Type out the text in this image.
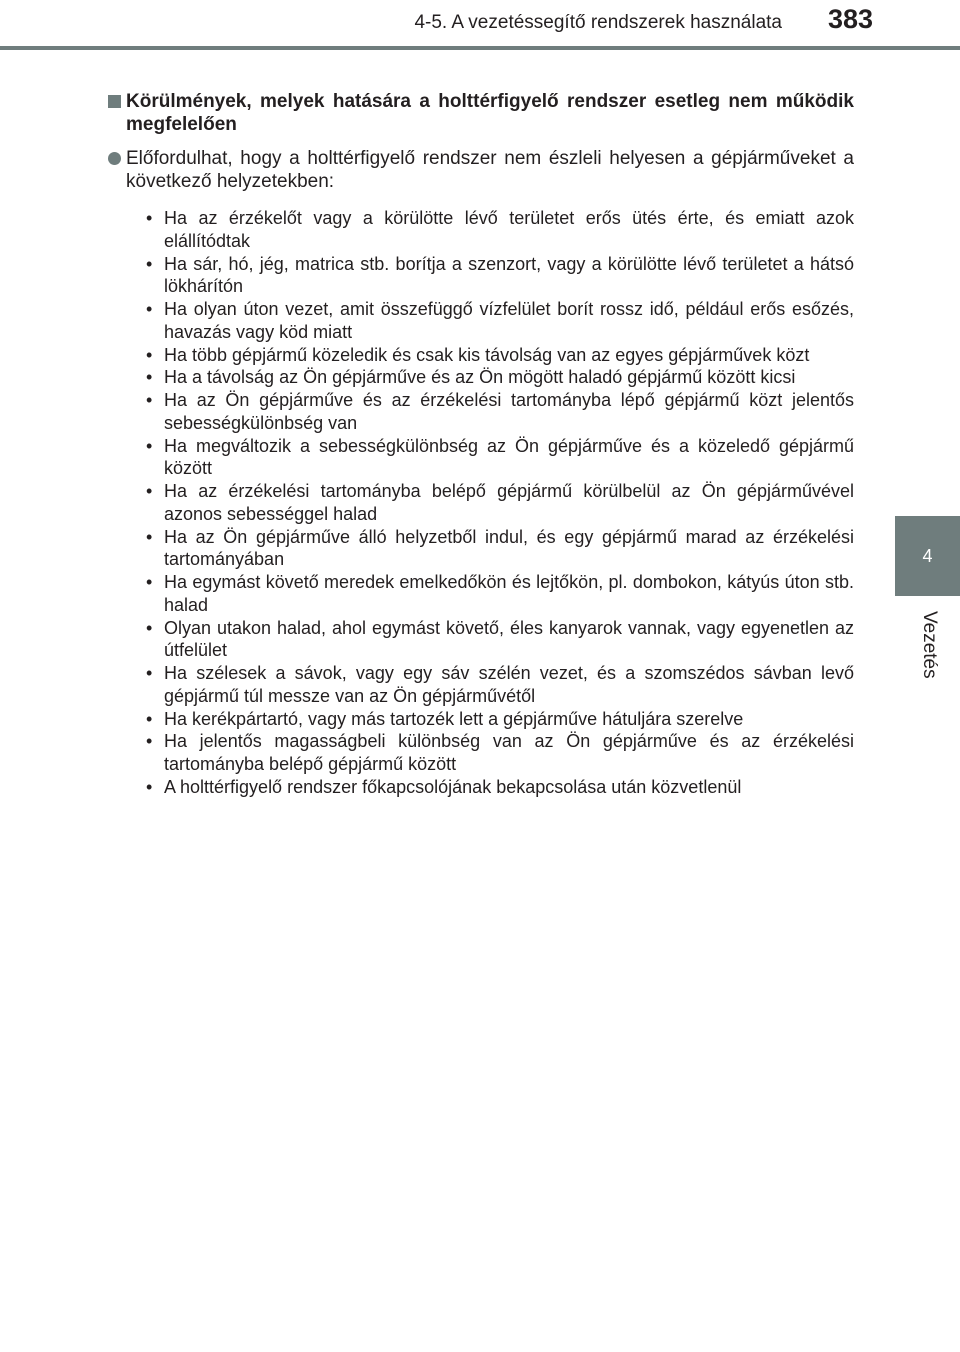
4-5. A vezetéssegítő rendszerek használata 383
4
Vezetés

Körülmények, melyek hatására a holttérfigyelő rendszer esetleg nem működik megfelelően

Előfordulhat, hogy a holttérfigyelő rendszer nem észleli helyesen a gépjárműveket a következő helyzetekben:
• Ha az érzékelőt vagy a körülötte lévő területet erős ütés érte, és emiatt azok elállítódtak
• Ha sár, hó, jég, matrica stb. borítja a szenzort, vagy a körülötte lévő területet a hátsó lökhárítón
• Ha olyan úton vezet, amit összefüggő vízfelület borít rossz idő, például erős esőzés, havazás vagy köd miatt
• Ha több gépjármű közeledik és csak kis távolság van az egyes gépjárművek közt
• Ha a távolság az Ön gépjárműve és az Ön mögött haladó gépjármű között kicsi
• Ha az Ön gépjárműve és az érzékelési tartományba lépő gépjármű közt jelentős sebességkülönbség van
• Ha megváltozik a sebességkülönbség az Ön gépjárműve és a közeledő gépjármű között
• Ha az érzékelési tartományba belépő gépjármű körülbelül az Ön gépjárművével azonos sebességgel halad
• Ha az Ön gépjárműve álló helyzetből indul, és egy gépjármű marad az érzékelési tartományában
• Ha egymást követő meredek emelkedőkön és lejtőkön, pl. dombokon, kátyús úton stb. halad
• Olyan utakon halad, ahol egymást követő, éles kanyarok vannak, vagy egyenetlen az útfelület
• Ha szélesek a sávok, vagy egy sáv szélén vezet, és a szomszédos sávban levő gépjármű túl messze van az Ön gépjárművétől
• Ha kerékpártartó, vagy más tartozék lett a gépjárműve hátuljára szerelve
• Ha jelentős magasságbeli különbség van az Ön gépjárműve és az érzékelési tartományba belépő gépjármű között
• A holttérfigyelő rendszer főkapcsolójának bekapcsolása után közvetlenül
